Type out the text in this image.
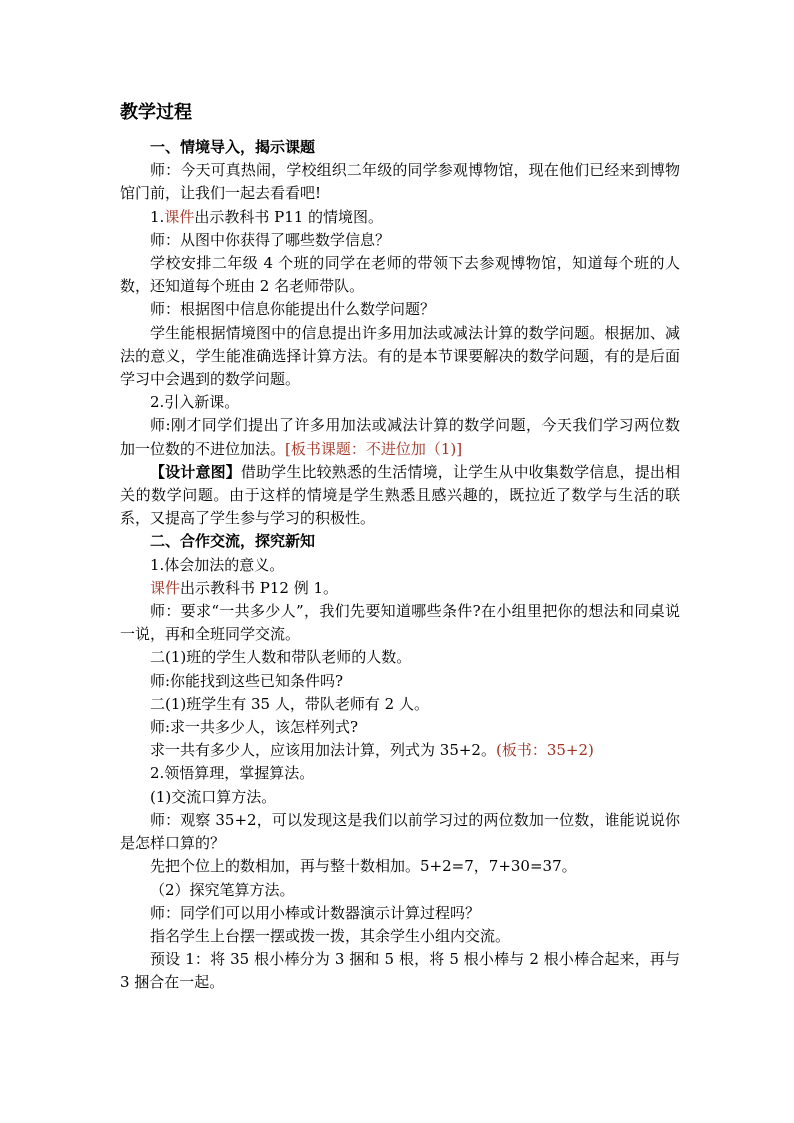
教学过程

一、情境导入，揭示课题

师：今天可真热闹，学校组织二年级的同学参观博物馆，现在他们已经来到博物馆门前，让我们一起去看看吧!

1.课件出示教科书 P11 的情境图。

师：从图中你获得了哪些数学信息？

学校安排二年级 4 个班的同学在老师的带领下去参观博物馆，知道每个班的人数，还知道每个班由 2 名老师带队。

师：根据图中信息你能提出什么数学问题？

学生能根据情境图中的信息提出许多用加法或减法计算的数学问题。根据加、减法的意义，学生能准确选择计算方法。有的是本节课要解决的数学问题，有的是后面学习中会遇到的数学问题。

2.引入新课。

师:刚才同学们提出了许多用加法或减法计算的数学问题，今天我们学习两位数加一位数的不进位加法。[板书课题：不进位加（1)]

【设计意图】借助学生比较熟悉的生活情境，让学生从中收集数学信息，提出相关的数学问题。由于这样的情境是学生熟悉且感兴趣的，既拉近了数学与生活的联系，又提高了学生参与学习的积极性。

二、合作交流，探究新知

1.体会加法的意义。

课件出示教科书 P12 例 1。

师：要求“一共多少人”，我们先要知道哪些条件?在小组里把你的想法和同桌说一说，再和全班同学交流。

二(1)班的学生人数和带队老师的人数。

师:你能找到这些已知条件吗?

二(1)班学生有 35 人，带队老师有 2 人。

师:求一共多少人，该怎样列式?

求一共有多少人，应该用加法计算，列式为 35+2。(板书：35+2)

2.领悟算理，掌握算法。

(1)交流口算方法。

师：观察 35+2，可以发现这是我们以前学习过的两位数加一位数，谁能说说你是怎样口算的？

先把个位上的数相加，再与整十数相加。5+2=7，7+30=37。

（2）探究笔算方法。

师：同学们可以用小棒或计数器演示计算过程吗？

指名学生上台摆一摆或拨一拨，其余学生小组内交流。

预设 1：将 35 根小棒分为 3 捆和 5 根，将 5 根小棒与 2 根小棒合起来，再与 3 捆合在一起。
